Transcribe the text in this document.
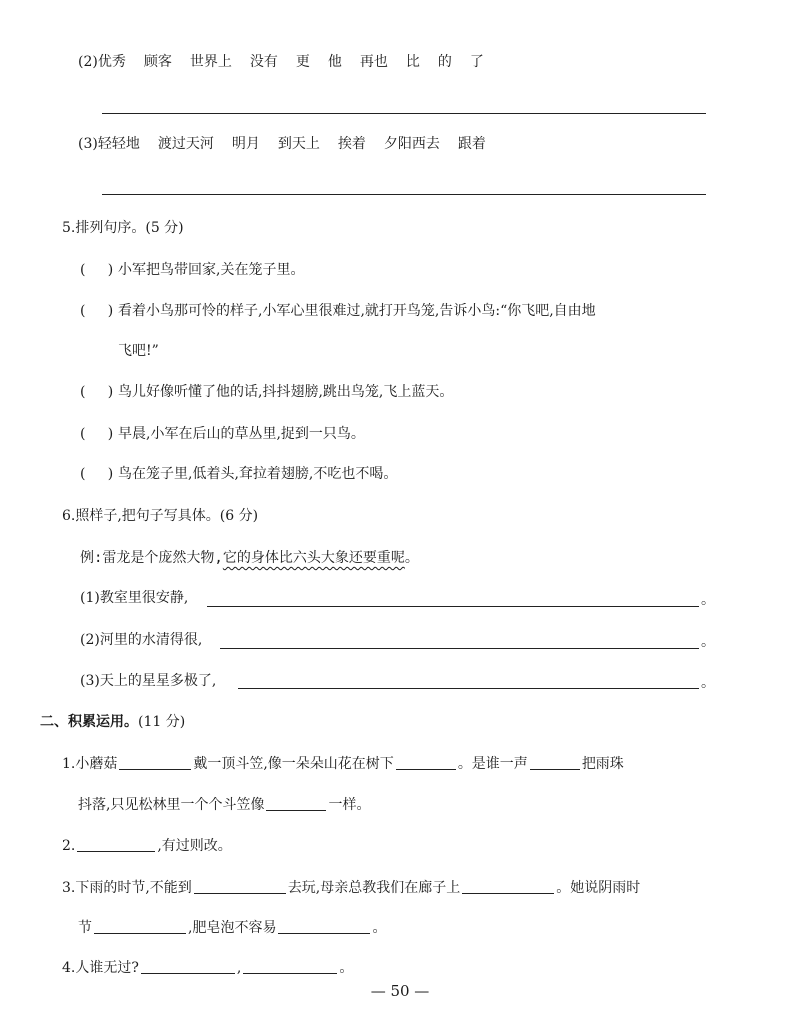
(2)优秀 顾客 世界上 没有 更 他 再也 比 的 了
(3)轻轻地 渡过天河 明月 到天上 挨着 夕阳西去 跟着
5.排列句序。(5 分)
( ) 小军把鸟带回家,关在笼子里。
( ) 看着小鸟那可怜的样子,小军心里很难过,就打开鸟笼,告诉小鸟:“你飞吧,自由地
飞吧!”
( ) 鸟儿好像听懂了他的话,抖抖翅膀,跳出鸟笼,飞上蓝天。
( ) 早晨,小军在后山的草丛里,捉到一只鸟。
( ) 鸟在笼子里,低着头,耷拉着翅膀,不吃也不喝。
6.照样子,把句子写具体。(6 分)
例:雷龙是个庞然大物,它的身体比六头大象还要重呢。
(1)教室里很安静,	。
(2)河里的水清得很,	。
(3)天上的星星多极了,	。
二、积累运用。(11 分)
1.小蘑菇	戴一顶斗笠,像一朵朵山花在树下	。是谁一声	把雨珠
抖落,只见松林里一个个斗笠像	一样。
2.	,有过则改。
3.下雨的时节,不能到	去玩,母亲总教我们在廊子上	。她说阴雨时
节	,肥皂泡不容易	。
4.人谁无过?	,	。
— 50 —
